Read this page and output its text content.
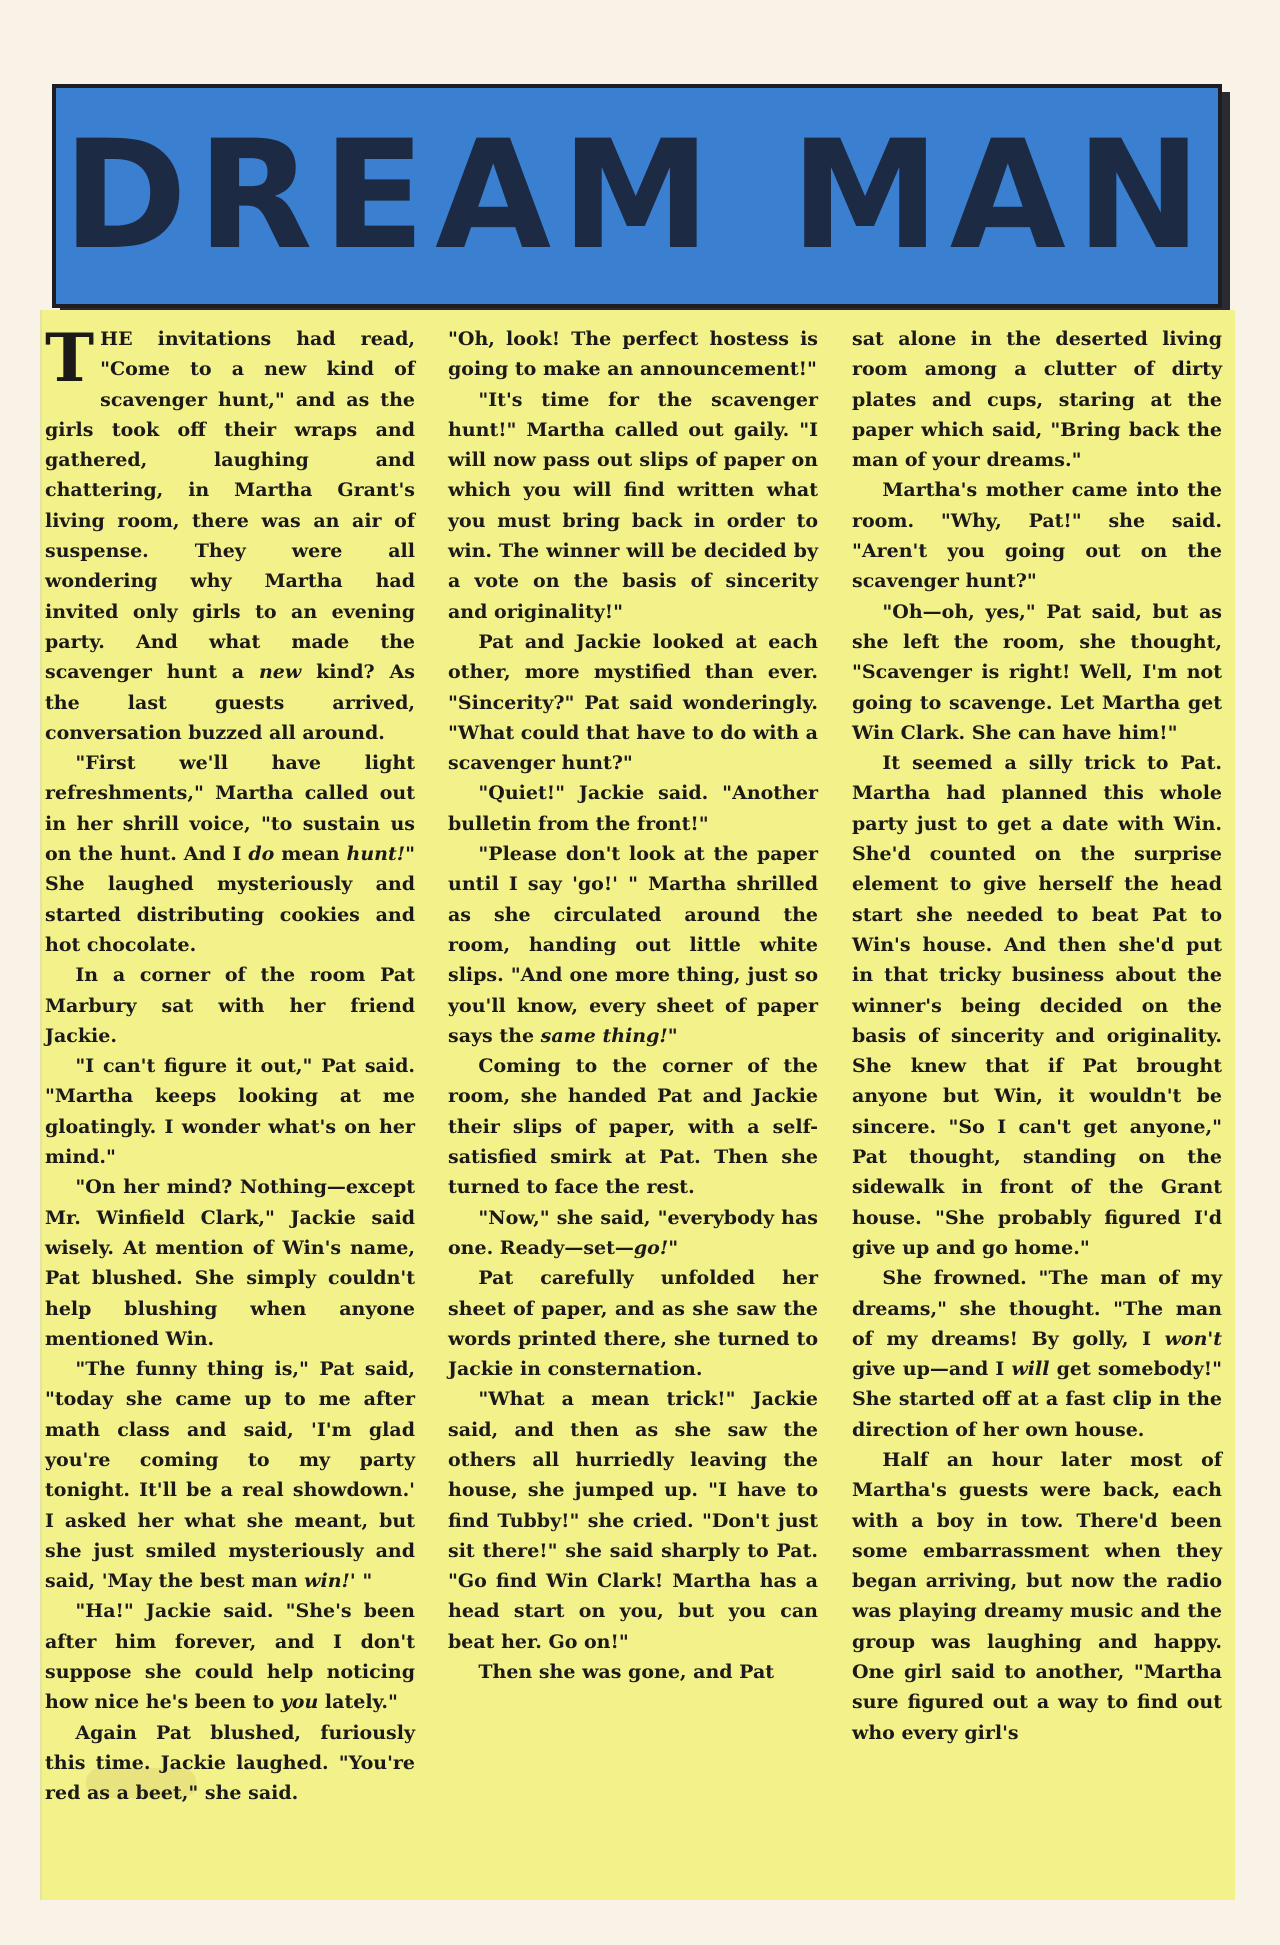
DREAM MAN

THE invitations had read, "Come to a new kind of scavenger hunt," and as the girls took off their wraps and gathered, laughing and chattering, in Martha Grant's living room, there was an air of suspense. They were all wondering why Martha had invited only girls to an evening party. And what made the scavenger hunt a new kind? As the last guests arrived, conversation buzzed all around.

"First we'll have light refreshments," Martha called out in her shrill voice, "to sustain us on the hunt. And I do mean hunt!" She laughed mysteriously and started distributing cookies and hot chocolate.

In a corner of the room Pat Marbury sat with her friend Jackie.

"I can't figure it out," Pat said. "Martha keeps looking at me gloatingly. I wonder what's on her mind."

"On her mind? Nothing—except Mr. Winfield Clark," Jackie said wisely. At mention of Win's name, Pat blushed. She simply couldn't help blushing when anyone mentioned Win.

"The funny thing is," Pat said, "today she came up to me after math class and said, 'I'm glad you're coming to my party tonight. It'll be a real showdown.' I asked her what she meant, but she just smiled mysteriously and said, 'May the best man win!' "

"Ha!" Jackie said. "She's been after him forever, and I don't suppose she could help noticing how nice he's been to you lately."

Again Pat blushed, furiously this time. Jackie laughed. "You're red as a beet," she said.

"Oh, look! The perfect hostess is going to make an announcement!"

"It's time for the scavenger hunt!" Martha called out gaily. "I will now pass out slips of paper on which you will find written what you must bring back in order to win. The winner will be decided by a vote on the basis of sincerity and originality!"

Pat and Jackie looked at each other, more mystified than ever. "Sincerity?" Pat said wonderingly. "What could that have to do with a scavenger hunt?"

"Quiet!" Jackie said. "Another bulletin from the front!"

"Please don't look at the paper until I say 'go!' " Martha shrilled as she circulated around the room, handing out little white slips. "And one more thing, just so you'll know, every sheet of paper says the same thing!"

Coming to the corner of the room, she handed Pat and Jackie their slips of paper, with a self-satisfied smirk at Pat. Then she turned to face the rest.

"Now," she said, "everybody has one. Ready—set—go!"

Pat carefully unfolded her sheet of paper, and as she saw the words printed there, she turned to Jackie in consternation.

"What a mean trick!" Jackie said, and then as she saw the others all hurriedly leaving the house, she jumped up. "I have to find Tubby!" she cried. "Don't just sit there!" she said sharply to Pat. "Go find Win Clark! Martha has a head start on you, but you can beat her. Go on!"

Then she was gone, and Pat

sat alone in the deserted living room among a clutter of dirty plates and cups, staring at the paper which said, "Bring back the man of your dreams."

Martha's mother came into the room. "Why, Pat!" she said. "Aren't you going out on the scavenger hunt?"

"Oh—oh, yes," Pat said, but as she left the room, she thought, "Scavenger is right! Well, I'm not going to scavenge. Let Martha get Win Clark. She can have him!"

It seemed a silly trick to Pat. Martha had planned this whole party just to get a date with Win. She'd counted on the surprise element to give herself the head start she needed to beat Pat to Win's house. And then she'd put in that tricky business about the winner's being decided on the basis of sincerity and originality. She knew that if Pat brought anyone but Win, it wouldn't be sincere. "So I can't get anyone," Pat thought, standing on the sidewalk in front of the Grant house. "She probably figured I'd give up and go home."

She frowned. "The man of my dreams," she thought. "The man of my dreams! By golly, I won't give up—and I will get somebody!" She started off at a fast clip in the direction of her own house.

Half an hour later most of Martha's guests were back, each with a boy in tow. There'd been some embarrassment when they began arriving, but now the radio was playing dreamy music and the group was laughing and happy. One girl said to another, "Martha sure figured out a way to find out who every girl's
